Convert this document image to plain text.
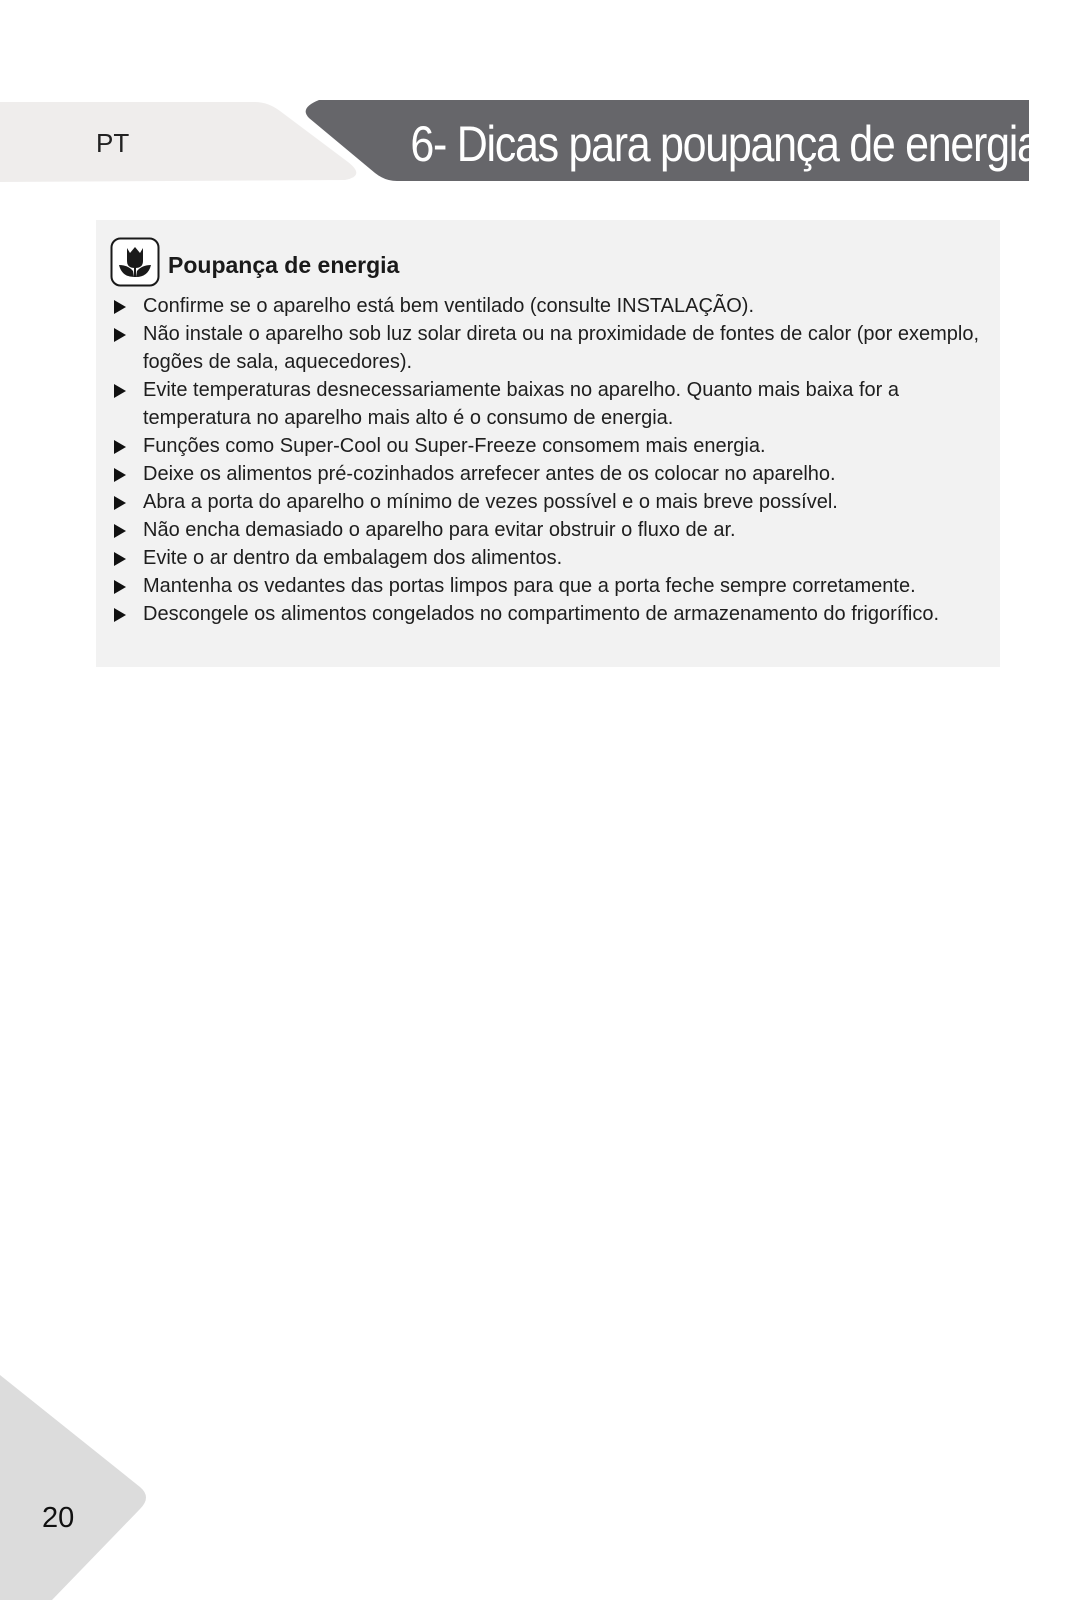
PT	6- Dicas para poupança de energia
Poupança de energia
Confirme se o aparelho está bem ventilado (consulte INSTALAÇÃO).
Não instale o aparelho sob luz solar direta ou na proximidade de fontes de calor (por exemplo, fogões de sala, aquecedores).
Evite temperaturas desnecessariamente baixas no aparelho. Quanto mais baixa for a temperatura no aparelho mais alto é o consumo de energia.
Funções como Super-Cool ou Super-Freeze consomem mais energia.
Deixe os alimentos pré-cozinhados arrefecer antes de os colocar no aparelho.
Abra a porta do aparelho o mínimo de vezes possível e o mais breve possível.
Não encha demasiado o aparelho para evitar obstruir o fluxo de ar.
Evite o ar dentro da embalagem dos alimentos.
Mantenha os vedantes das portas limpos para que a porta feche sempre corretamente.
Descongele os alimentos congelados no compartimento de armazenamento do frigorífico.
20
